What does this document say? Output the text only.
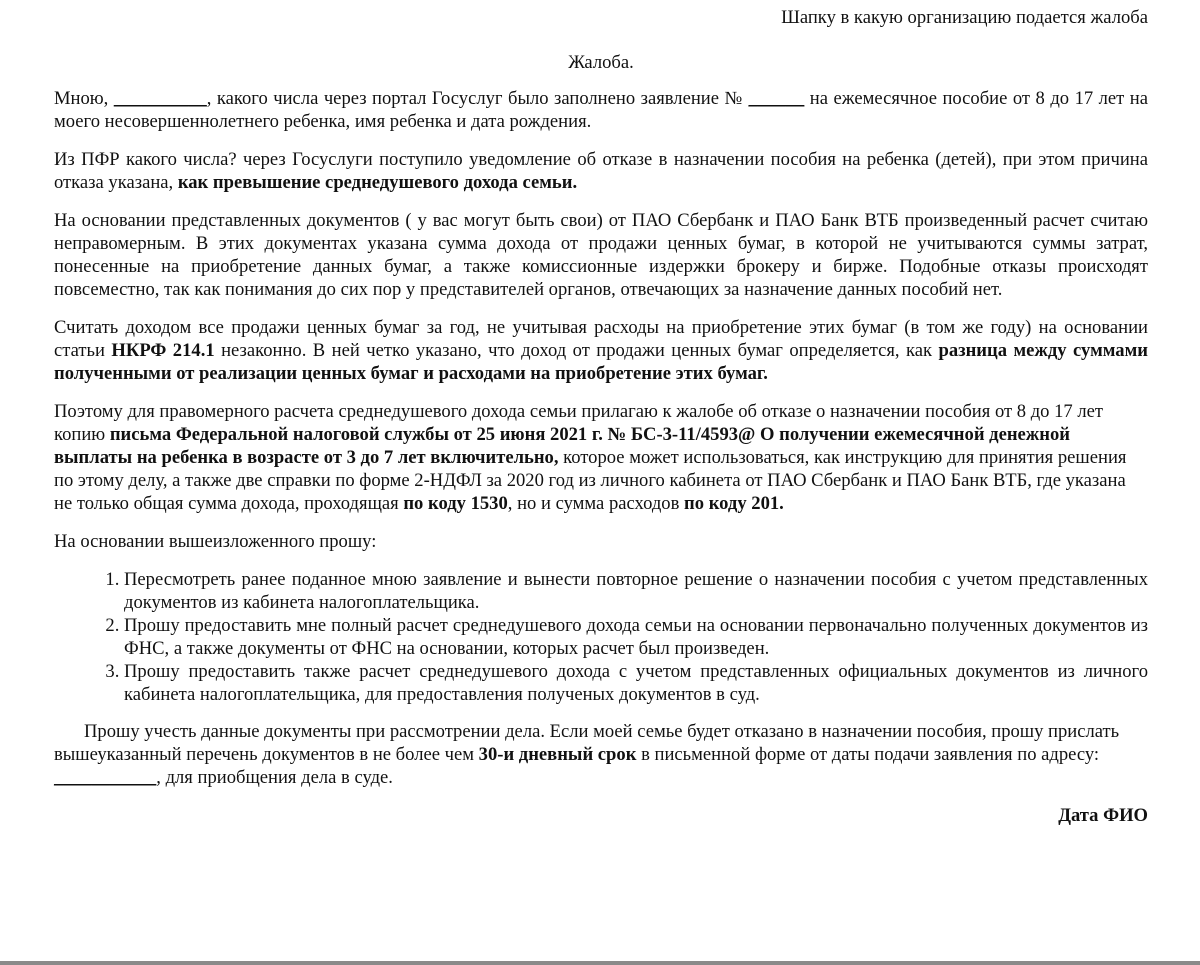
Шапку в какую организацию подается жалоба
Жалоба.

Мною, __________, какого числа через портал Госуслуг было заполнено заявление № ______ на ежемесячное пособие от 8 до 17 лет на моего несовершеннолетнего ребенка, имя ребенка и дата рождения.

Из ПФР какого числа? через Госуслуги поступило уведомление об отказе в назначении пособия на ребенка (детей), при этом причина отказа указана, как превышение среднедушевого дохода семьи.

На основании представленных документов ( у вас могут быть свои) от ПАО Сбербанк и ПАО Банк ВТБ произведенный расчет считаю неправомерным. В этих документах указана сумма дохода от продажи ценных бумаг, в которой не учитываются суммы затрат, понесенные на приобретение данных бумаг, а также комиссионные издержки брокеру и бирже. Подобные отказы происходят повсеместно, так как понимания до сих пор у представителей органов, отвечающих за назначение данных пособий нет.

Считать доходом все продажи ценных бумаг за год, не учитывая расходы на приобретение этих бумаг (в том же году) на основании статьи НКРФ 214.1 незаконно. В ней четко указано, что доход от продажи ценных бумаг определяется, как разница между суммами полученными от реализации ценных бумаг и расходами на приобретение этих бумаг.

Поэтому для правомерного расчета среднедушевого дохода семьи прилагаю к жалобе об отказе о назначении пособия от 8 до 17 лет копию письма Федеральной налоговой службы от 25 июня 2021 г. № БС-3-11/4593@ О получении ежемесячной денежной выплаты на ребенка в возрасте от 3 до 7 лет включительно, которое может использоваться, как инструкцию для принятия решения по этому делу, а также две справки по форме 2-НДФЛ за 2020 год из личного кабинета от ПАО Сбербанк и ПАО Банк ВТБ, где указана не только общая сумма дохода, проходящая по коду 1530, но и сумма расходов по коду 201.

На основании вышеизложенного прошу:

1. Пересмотреть ранее поданное мною заявление и вынести повторное решение о назначении пособия с учетом представленных документов из кабинета налогоплательщика.
2. Прошу предоставить мне полный расчет среднедушевого дохода семьи на основании первоначально полученных документов из ФНС, а также документы от ФНС на основании, которых расчет был произведен.
3. Прошу предоставить также расчет среднедушевого дохода с учетом представленных официальных документов из личного кабинета налогоплательщика, для предоставления полученых документов в суд.

Прошу учесть данные документы при рассмотрении дела. Если моей семье будет отказано в назначении пособия, прошу прислать вышеуказанный перечень документов в не более чем 30-и дневный срок в письменной форме от даты подачи заявления по адресу: ___________, для приобщения дела в суде.

Дата ФИО
